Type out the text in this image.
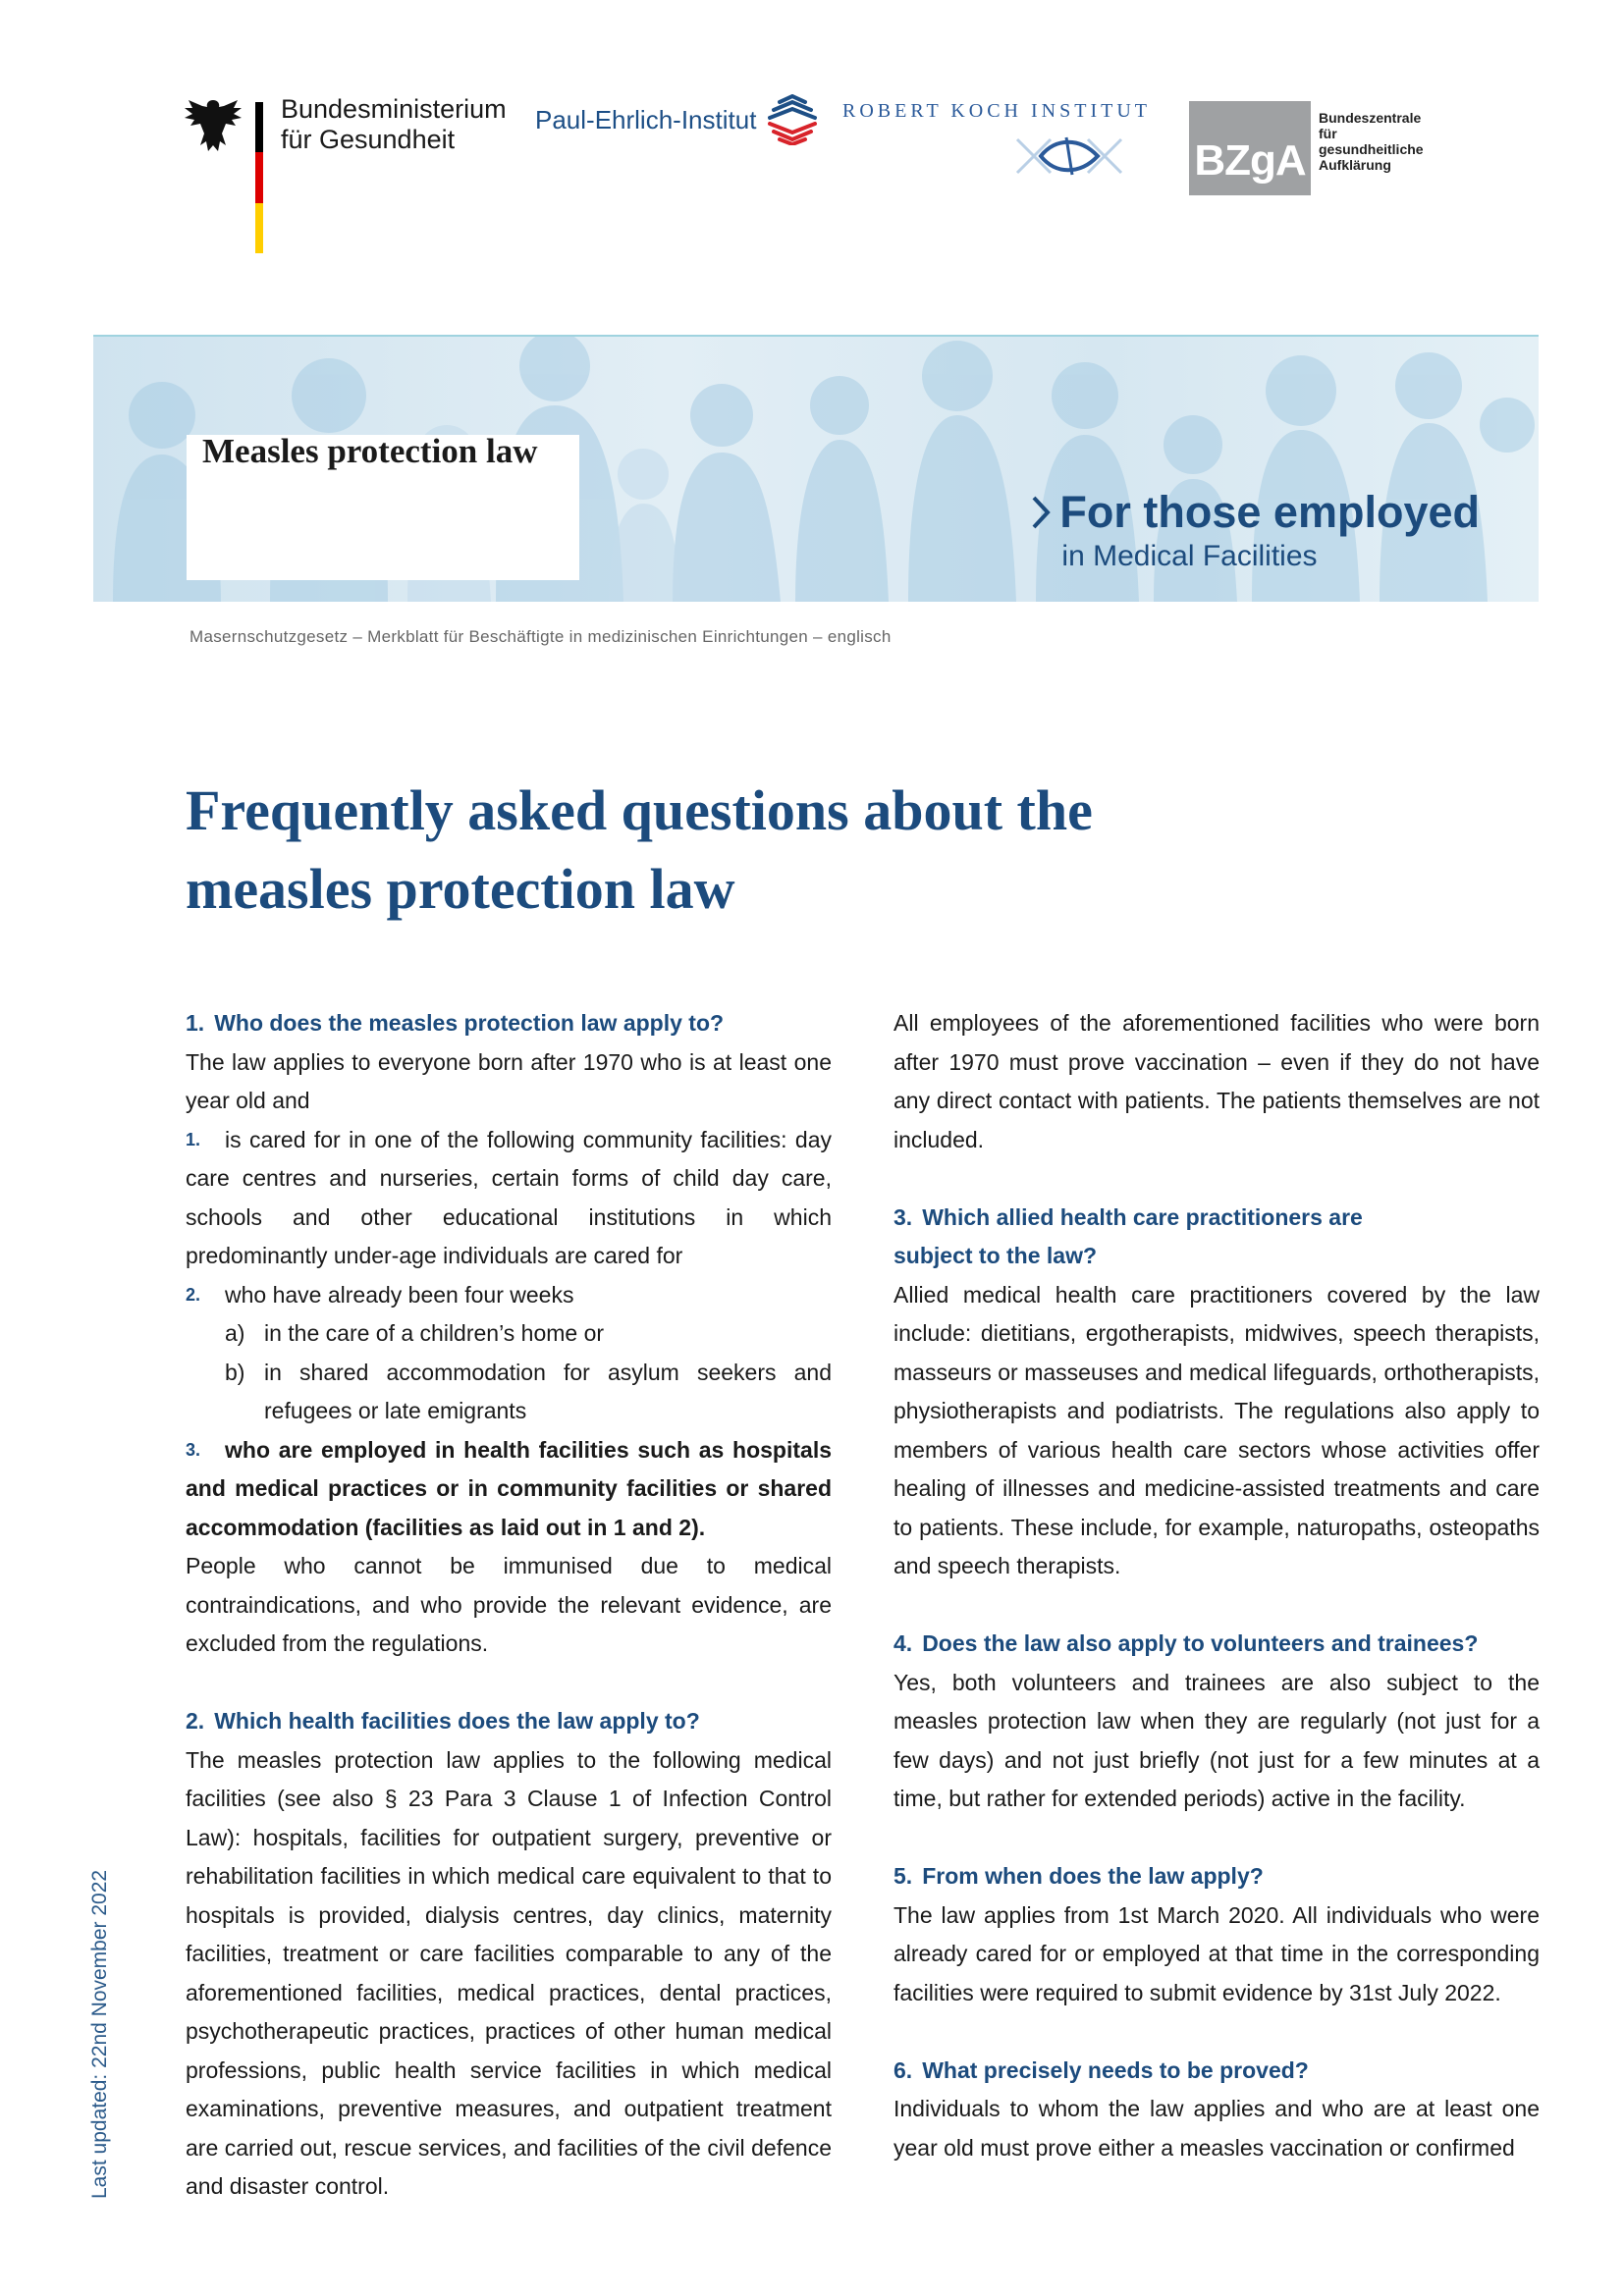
Bundesministerium
für Gesundheit
Paul-Ehrlich-Institut	ROBERT KOCH INSTITUT
BZgA
Bundeszentrale
für
gesundheitliche
Aufklärung
Measles protection law
For those employed
in Medical Facilities
Masernschutzgesetz – Merkblatt für Beschäftigte in medizinischen Einrichtungen – englisch
Frequently asked questions about the
measles protection law

1. Who does the measles protection law apply to?

The law applies to everyone born after 1970 who is at least one year old and

1.	is cared for in one of the following community facilities: day care centres and nurseries, certain forms of child day care, schools and other educational institutions in which predominantly under-age individuals are cared for

2.	who have already been four weeks

a) in the care of a children’s home or

b) in shared accommodation for asylum seekers and refugees or late emigrants

3.	who are employed in health facilities such as hospitals and medical practices or in community facilities or shared accommodation (facilities as laid out in 1 and 2).

People who cannot be immunised due to medical contraindications, and who provide the relevant evidence, are excluded from the regulations.

2. Which health facilities does the law apply to?

The measles protection law applies to the following medical facilities (see also § 23 Para 3 Clause 1 of Infection Control Law): hospitals, facilities for outpatient surgery, preventive or rehabilitation facilities in which medical care equivalent to that to hospitals is provided, dialysis centres, day clinics, maternity facilities, treatment or care facilities comparable to any of the aforementioned facilities, medical practices, dental practices, psychotherapeutic practices, practices of other human medical professions, public health service facilities in which medical examinations, preventive measures, and outpatient treatment are carried out, rescue services, and facilities of the civil defence and disaster control.

All employees of the aforementioned facilities who were born after 1970 must prove vaccination – even if they do not have any direct contact with patients. The patients themselves are not included.

3. Which allied health care practitioners are
subject to the law?

Allied medical health care practitioners covered by the law include: dietitians, ergotherapists, midwives, speech therapists, masseurs or masseuses and medical lifeguards, orthotherapists, physiotherapists and podiatrists. The regulations also apply to members of various health care sectors whose activities offer healing of illnesses and medicine-assisted treatments and care to patients. These include, for example, naturopaths, osteopaths and speech therapists.

4. Does the law also apply to volunteers and trainees?

Yes, both volunteers and trainees are also subject to the measles protection law when they are regularly (not just for a few days) and not just briefly (not just for a few minutes at a time, but rather for extended periods) active in the facility.

5. From when does the law apply?

The law applies from 1st March 2020. All individuals who were already cared for or employed at that time in the corresponding facilities were required to submit evidence by 31st July 2022.

6. What precisely needs to be proved?

Individuals to whom the law applies and who are at least one year old must prove either a measles vaccination or confirmed

Last updated: 22nd November 2022
